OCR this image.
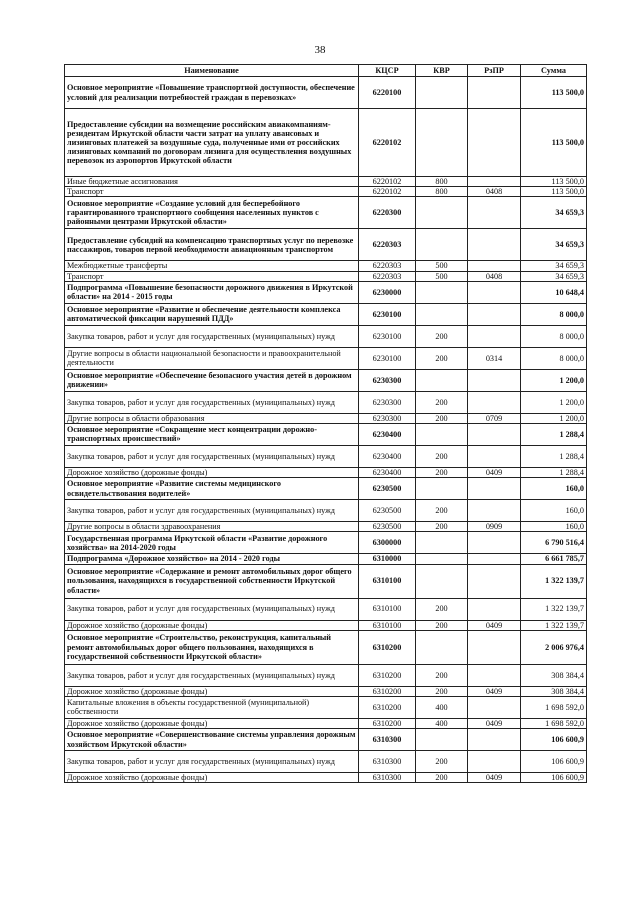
38
Наименование	КЦСР	КВР	РзПР	Сумма
Основное мероприятие «Повышение транспортной доступности, обеспечение условий для реализации потребностей граждан в перевозках»	6220100			113 500,0
Предоставление субсидии на возмещение российским авиакомпаниям-резидентам Иркутской области части затрат на уплату авансовых и лизинговых платежей за воздушные суда, полученные ими от российских лизинговых компаний по договорам лизинга для осуществления воздушных перевозок из аэропортов Иркутской области	6220102			113 500,0
Иные бюджетные ассигнования	6220102	800		113 500,0
Транспорт	6220102	800	0408	113 500,0
Основное мероприятие «Создание условий для бесперебойного гарантированного транспортного сообщения населенных пунктов с районными центрами Иркутской области»	6220300			34 659,3
Предоставление субсидий на компенсацию транспортных услуг по перевозке пассажиров, товаров первой необходимости авиационным транспортом	6220303			34 659,3
Межбюджетные трансферты	6220303	500		34 659,3
Транспорт	6220303	500	0408	34 659,3
Подпрограмма «Повышение безопасности дорожного движения в Иркутской области» на 2014 - 2015 годы	6230000			10 648,4
Основное мероприятие «Развитие и обеспечение деятельности комплекса автоматической фиксации нарушений ПДД»	6230100			8 000,0
Закупка товаров, работ и услуг для государственных (муниципальных) нужд	6230100	200		8 000,0
Другие вопросы в области национальной безопасности и правоохранительной деятельности	6230100	200	0314	8 000,0
Основное мероприятие «Обеспечение безопасного участия детей в дорожном движении»	6230300			1 200,0
Закупка товаров, работ и услуг для государственных (муниципальных) нужд	6230300	200		1 200,0
Другие вопросы в области образования	6230300	200	0709	1 200,0
Основное мероприятие «Сокращение мест концентрации дорожно-транспортных происшествий»	6230400			1 288,4
Закупка товаров, работ и услуг для государственных (муниципальных) нужд	6230400	200		1 288,4
Дорожное хозяйство (дорожные фонды)	6230400	200	0409	1 288,4
Основное мероприятие «Развитие системы медицинского освидетельствования водителей»	6230500			160,0
Закупка товаров, работ и услуг для государственных (муниципальных) нужд	6230500	200		160,0
Другие вопросы в области здравоохранения	6230500	200	0909	160,0
Государственная программа Иркутской области «Развитие дорожного хозяйства» на 2014-2020 годы	6300000			6 790 516,4
Подпрограмма «Дорожное хозяйство» на 2014 - 2020 годы	6310000			6 661 785,7
Основное мероприятие «Содержание и ремонт автомобильных дорог общего пользования, находящихся в государственной собственности Иркутской области»	6310100			1 322 139,7
Закупка товаров, работ и услуг для государственных (муниципальных) нужд	6310100	200		1 322 139,7
Дорожное хозяйство (дорожные фонды)	6310100	200	0409	1 322 139,7
Основное мероприятие «Строительство, реконструкция, капитальный ремонт автомобильных дорог общего пользования, находящихся в государственной собственности Иркутской области»	6310200			2 006 976,4
Закупка товаров, работ и услуг для государственных (муниципальных) нужд	6310200	200		308 384,4
Дорожное хозяйство (дорожные фонды)	6310200	200	0409	308 384,4
Капитальные вложения в объекты государственной (муниципальной) собственности	6310200	400		1 698 592,0
Дорожное хозяйство (дорожные фонды)	6310200	400	0409	1 698 592,0
Основное мероприятие «Совершенствование системы управления дорожным хозяйством Иркутской области»	6310300			106 600,9
Закупка товаров, работ и услуг для государственных (муниципальных) нужд	6310300	200		106 600,9
Дорожное хозяйство (дорожные фонды)	6310300	200	0409	106 600,9
